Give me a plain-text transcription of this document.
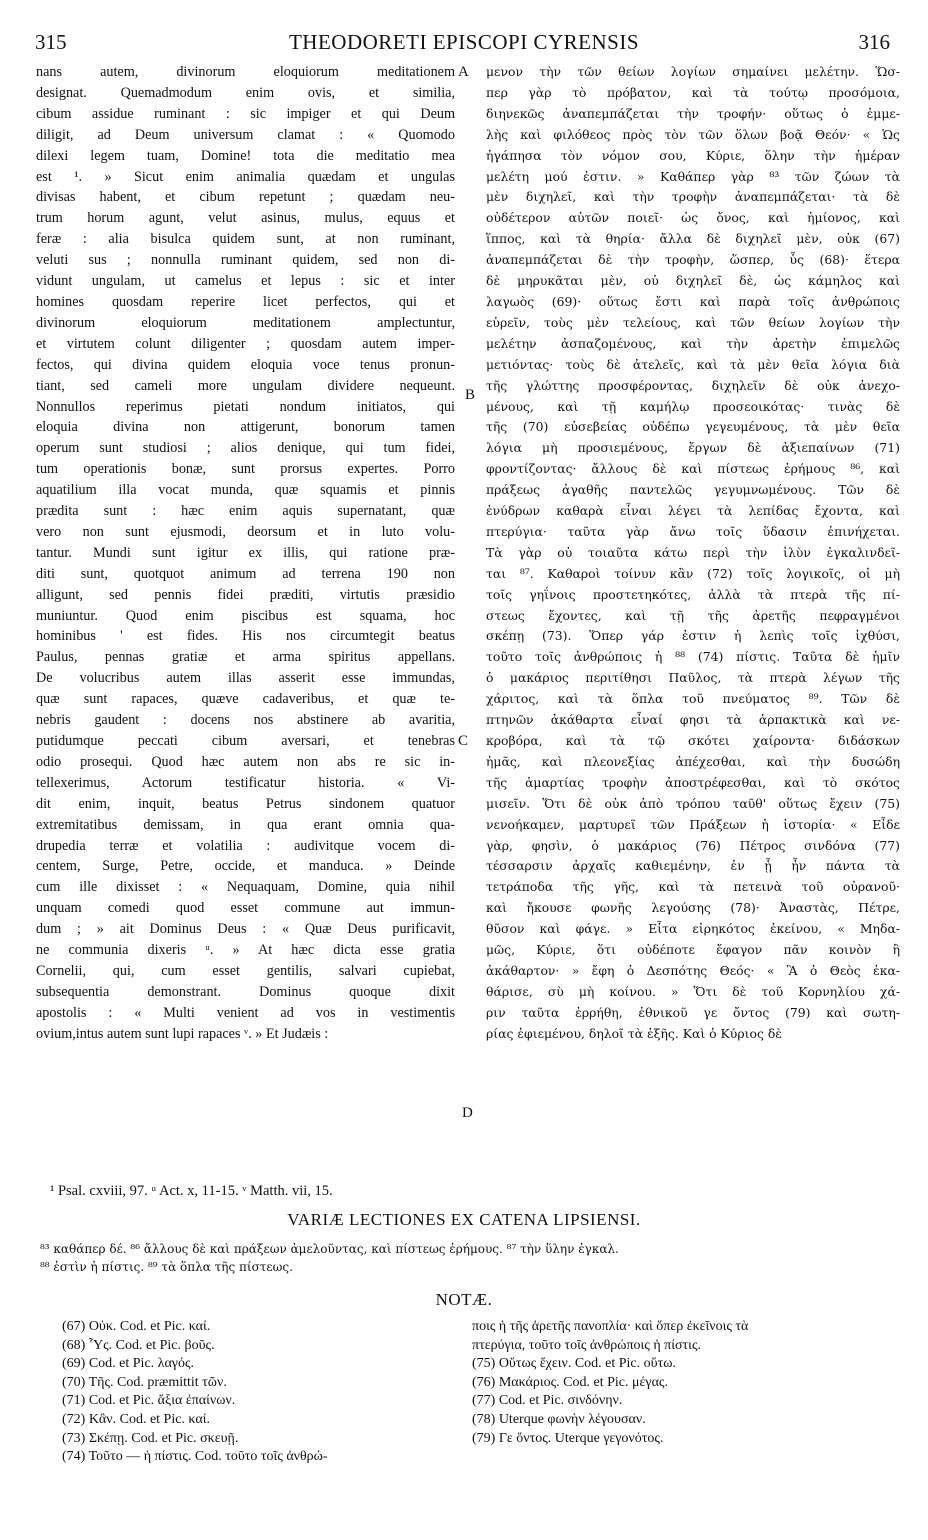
315	THEODORETI EPISCOPI CYRENSIS	316
nans autem, divinorum eloquiorum meditationem
designat. Quemadmodum enim ovis, et similia,
cibum assidue ruminant : sic impiger et qui Deum
diligit, ad Deum universum clamat : « Quomodo
dilexi legem tuam, Domine! tota die meditatio mea
est ¹. » Sicut enim animalia quædam et ungulas
divisas habent, et cibum repetunt ; quædam neu-
trum horum agunt, velut asinus, mulus, equus et
feræ : alia bisulca quidem sunt, at non ruminant,
veluti sus ; nonnulla ruminant quidem, sed non di-
vidunt ungulam, ut camelus et lepus : sic et inter
homines quosdam reperire licet perfectos, qui et
divinorum eloquiorum meditationem amplectuntur,
et virtutem colunt diligenter ; quosdam autem imper-
fectos, qui divina quidem eloquia voce tenus pronun-
tiant, sed cameli more ungulam dividere nequeunt.
Nonnullos reperimus pietati nondum initiatos, qui
eloquia divina non attigerunt, bonorum tamen
operum sunt studiosi ; alios denique, qui tum fidei,
tum operationis bonæ, sunt prorsus expertes. Porro
aquatilium illa vocat munda, quæ squamis et pinnis
prædita sunt : hæc enim aquis supernatant, quæ
vero non sunt ejusmodi, deorsum et in luto volu-
tantur. Mundi sunt igitur ex illis, qui ratione præ-
diti sunt, quotquot animum ad terrena 190 non
alligunt, sed pennis fidei præditi, virtutis præsidio
muniuntur. Quod enim piscibus est squama, hoc
hominibus ' est fides. His nos circumtegit beatus
Paulus, pennas gratiæ et arma spiritus appellans.
De volucribus autem illas asserit esse immundas,
quæ sunt rapaces, quæve cadaveribus, et quæ te-
nebris gaudent : docens nos abstinere ab avaritia,
putidumque peccati cibum aversari, et tenebras
odio prosequi. Quod hæc autem non abs re sic in-
tellexerimus, Actorum testificatur historia. « Vi-
dit enim, inquit, beatus Petrus sindonem quatuor
extremitatibus demissam, in qua erant omnia qua-
drupedia terræ et volatilia : audivitque vocem di-
centem, Surge, Petre, occide, et manduca. » Deinde
cum ille dixisset : « Nequaquam, Domine, quia nihil
unquam comedi quod esset commune aut immun-
dum ; » ait Dominus Deus : « Quæ Deus purificavit,
ne communia dixeris ᵘ. » At hæc dicta esse gratia
Cornelii, qui, cum esset gentilis, salvari cupiebat,
subsequentia demonstrant. Dominus quoque dixit
apostolis : « Multi venient ad vos in vestimentis
ovium,intus autem sunt lupi rapaces ᵛ. » Et Judæis :
μενον τὴν τῶν θείων λογίων σημαίνει μελέτην. Ὥσ-
περ γὰρ τὸ πρόβατον, καὶ τὰ τούτῳ προσόμοια,
διηνεκῶς ἀναπεμπάζεται τὴν τροφήν· οὕτως ὁ ἐμμε-
λὴς καὶ φιλόθεος πρὸς τὸν τῶν ὅλων βοᾷ Θεόν· « Ὡς
ἠγάπησα τὸν νόμον σου, Κύριε, ὅλην τὴν ἡμέραν
μελέτη μού ἐστιν. » Καθάπερ γὰρ ⁸³ τῶν ζώων τὰ
μὲν διχηλεῖ, καὶ τὴν τροφὴν ἀναπεμπάζεται· τὰ δὲ
οὐδέτερον αὐτῶν ποιεῖ· ὡς ὄνος, καὶ ἡμίονος, καὶ
ἵππος, καὶ τὰ θηρία· ἄλλα δὲ διχηλεῖ μὲν, οὐκ (67)
ἀναπεμπάζεται δὲ τὴν τροφὴν, ὥσπερ, ὗς (68)· ἕτερα
δὲ μηρυκᾶται μὲν, οὐ διχηλεῖ δὲ, ὡς κάμηλος καὶ
λαγωὸς (69)· οὕτως ἔστι καὶ παρὰ τοῖς ἀνθρώποις
εὑρεῖν, τοὺς μὲν τελείους, καὶ τῶν θείων λογίων τὴν
μελέτην ἀσπαζομένους, καὶ τὴν ἀρετὴν ἐπιμελῶς
μετιόντας· τοὺς δὲ ἀτελεῖς, καὶ τὰ μὲν θεῖα λόγια διὰ
τῆς γλώττης προσφέροντας, διχηλεῖν δὲ οὐκ ἀνεχο-
μένους, καὶ τῇ καμήλῳ προσεοικότας· τινὰς δὲ
τῆς (70) εὐσεβείας οὐδέπω γεγευμένους, τὰ μὲν θεῖα
λόγια μὴ προσιεμένους, ἔργων δὲ ἀξιεπαίνων (71)
φροντίζοντας· ἄλλους δὲ καὶ πίστεως ἐρήμους ⁸⁶, καὶ
πράξεως ἀγαθῆς παντελῶς γεγυμνωμένους. Τῶν δὲ
ἐνύδρων καθαρὰ εἶναι λέγει τὰ λεπίδας ἔχοντα, καὶ
πτερύγια· ταῦτα γὰρ ἄνω τοῖς ὕδασιν ἐπινήχεται.
Τὰ γὰρ οὐ τοιαῦτα κάτω περὶ τὴν ἰλὺν ἐγκαλινδεῖ-
ται ⁸⁷. Καθαροὶ τοίνυν κἂν (72) τοῖς λογικοῖς, οἱ μὴ
τοῖς γηΐνοις προστετηκότες, ἀλλὰ τὰ πτερὰ τῆς πί-
στεως ἔχοντες, καὶ τῇ τῆς ἀρετῆς πεφραγμένοι
σκέπῃ (73). Ὅπερ γάρ ἐστιν ἡ λεπὶς τοῖς ἰχθύσι,
τοῦτο τοῖς ἀνθρώποις ἡ ⁸⁸ (74) πίστις. Ταῦτα δὲ ἡμῖν
ὁ μακάριος περιτίθησι Παῦλος, τὰ πτερὰ λέγων τῆς
χάριτος, καὶ τὰ ὅπλα τοῦ πνεύματος ⁸⁹. Τῶν δὲ
πτηνῶν ἀκάθαρτα εἶναί φησι τὰ ἁρπακτικὰ καὶ νε-
κροβόρα, καὶ τὰ τῷ σκότει χαίροντα· διδάσκων
ἡμᾶς, καὶ πλεονεξίας ἀπέχεσθαι, καὶ τὴν δυσώδη
τῆς ἁμαρτίας τροφὴν ἀποστρέφεσθαι, καὶ τὸ σκότος
μισεῖν. Ὅτι δὲ οὐκ ἀπὸ τρόπου ταῦθ' οὕτως ἔχειν (75)
νενοήκαμεν, μαρτυρεῖ τῶν Πράξεων ἡ ἱστορία· « Εἶδε
γὰρ, φησὶν, ὁ μακάριος (76) Πέτρος σινδόνα (77)
τέσσαρσιν ἀρχαῖς καθιεμένην, ἐν ᾗ ἦν πάντα τὰ
τετράποδα τῆς γῆς, καὶ τὰ πετεινὰ τοῦ οὐρανοῦ·
καὶ ἤκουσε φωνῆς λεγούσης (78)· Ἀναστὰς, Πέτρε,
θῦσον καὶ φάγε. » Εἶτα εἰρηκότος ἐκείνου, « Μηδα-
μῶς, Κύριε, ὅτι οὐδέποτε ἔφαγον πᾶν κοινὸν ἢ
ἀκάθαρτον· » ἔφη ὁ Δεσπότης Θεός· « Ἃ ὁ Θεὸς ἐκα-
θάρισε, σὺ μὴ κοίνου. » Ὅτι δὲ τοῦ Κορνηλίου χά-
ριν ταῦτα ἐρρήθη, ἐθνικοῦ γε ὄντος (79) καὶ σωτη-
ρίας ἐφιεμένου, δηλοῖ τὰ ἑξῆς. Καὶ ὁ Κύριος δὲ
A
B
C
D
¹ Psal. cxviii, 97. ᵘ Act. x, 11-15. ᵛ Matth. vii, 15.
VARIÆ LECTIONES EX CATENA LIPSIENSI.
⁸³ καθάπερ δέ. ⁸⁶ ἄλλους δὲ καὶ πράξεων ἀμελοῦντας, καὶ πίστεως ἐρήμους. ⁸⁷ τὴν ὕλην ἐγκαλ.
⁸⁸ ἐστὶν ἡ πίστις. ⁸⁹ τὰ ὅπλα τῆς πίστεως.
NOTÆ.
(67) Οὐκ. Cod. et Pic. καί.
(68) Ὗς. Cod. et Pic. βοῦς.
(69) Cod. et Pic. λαγός.
(70) Τῆς. Cod. præmittit τῶν.
(71) Cod. et Pic. ἄξια ἐπαίνων.
(72) Κἂν. Cod. et Pic. καί.
(73) Σκέπῃ. Cod. et Pic. σκευῇ.
(74) Τοῦτο — ἡ πίστις. Cod. τοῦτο τοῖς ἀνθρώ-
ποις ἡ τῆς ἀρετῆς πανοπλία· καὶ ὅπερ ἐκεῖνοις τὰ
πτερύγια, τοῦτο τοῖς ἀνθρώποις ἡ πίστις.
(75) Οὕτως ἔχειν. Cod. et Pic. οὕτω.
(76) Μακάριος. Cod. et Pic. μέγας.
(77) Cod. et Pic. σινδόνην.
(78) Uterque φωνὴν λέγουσαν.
(79) Γε ὄντος. Uterque γεγονότος.
